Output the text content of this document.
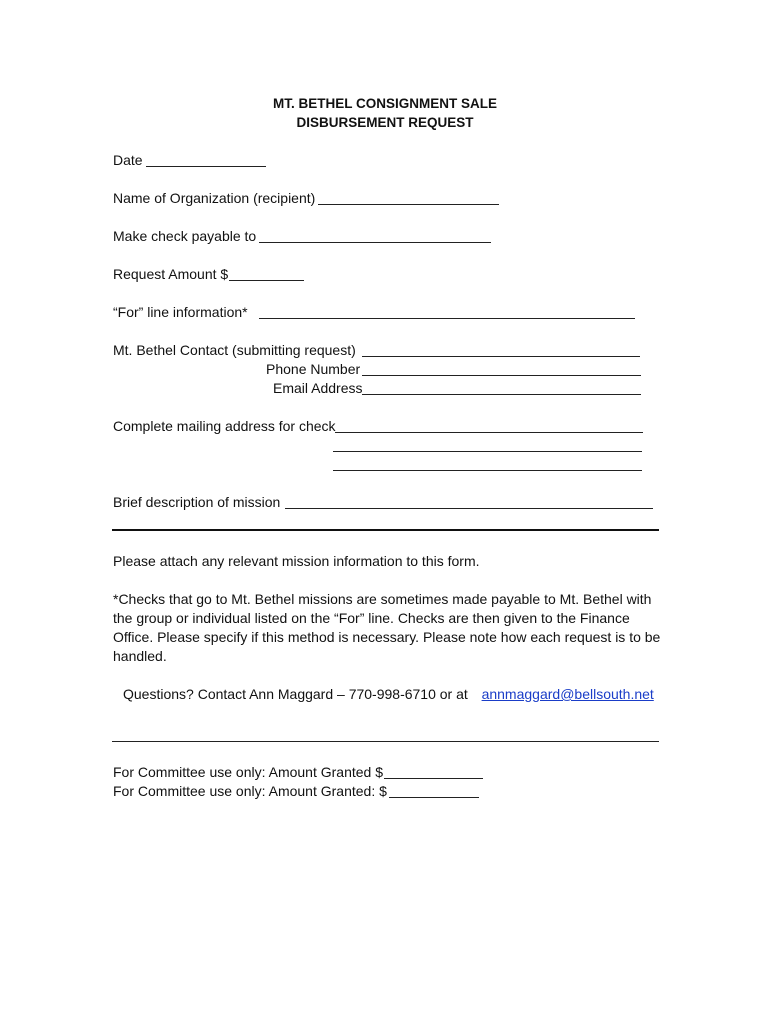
MT. BETHEL CONSIGNMENT SALE
DISBURSEMENT REQUEST
Date
Name of Organization (recipient)
Make check payable to
Request Amount $
“For” line information*
Mt. Bethel Contact (submitting request)
Phone Number
Email Address
Complete mailing address for check
Brief description of mission
Please attach any relevant mission information to this form.
*Checks that go to Mt. Bethel missions are sometimes made payable to Mt. Bethel with
the group or individual listed on the “For” line. Checks are then given to the Finance
Office. Please specify if this method is necessary. Please note how each request is to be
handled.
Questions? Contact Ann Maggard – 770-998-6710 or at annmaggard@bellsouth.net
For Committee use only: Amount Granted $
For Committee use only: Amount Granted: $
